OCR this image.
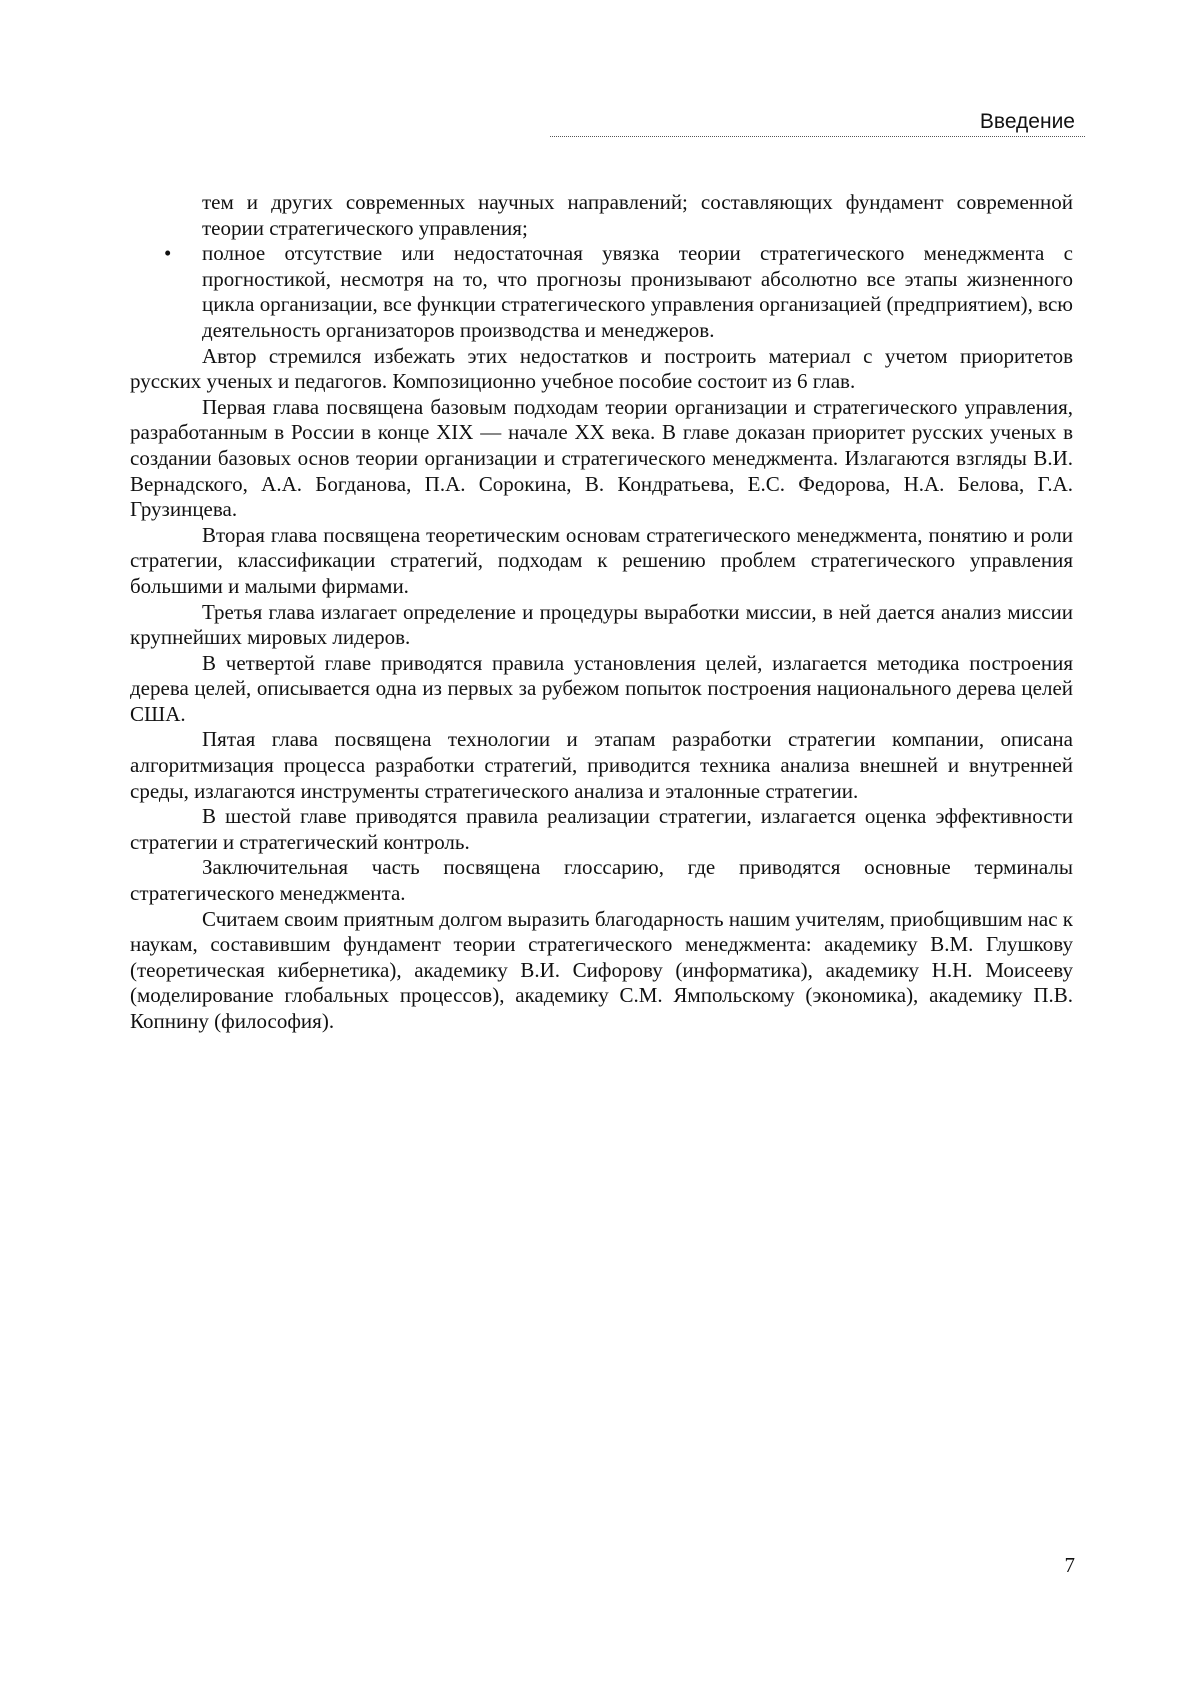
Введение

тем и других современных научных направлений; составляющих фундамент современной теории стратегического управления;

• полное отсутствие или недостаточная увязка теории стратегического менеджмента с прогностикой, несмотря на то, что прогнозы пронизывают абсолютно все этапы жизненного цикла организации, все функции стратегического управления организацией (предприятием), всю деятельность организаторов производства и менеджеров.

Автор стремился избежать этих недостатков и построить материал с учетом приоритетов русских ученых и педагогов. Композиционно учебное пособие состоит из 6 глав.

Первая глава посвящена базовым подходам теории организации и стратегического управления, разработанным в России в конце XIX — начале XX века. В главе доказан приоритет русских ученых в создании базовых основ теории организации и стратегического менеджмента. Излагаются взгляды В.И. Вернадского, А.А. Богданова, П.А. Сорокина, В. Кондратьева, Е.С. Федорова, Н.А. Белова, Г.А. Грузинцева.

Вторая глава посвящена теоретическим основам стратегического менеджмента, понятию и роли стратегии, классификации стратегий, подходам к решению проблем стратегического управления большими и малыми фирмами.

Третья глава излагает определение и процедуры выработки миссии, в ней дается анализ миссии крупнейших мировых лидеров.

В четвертой главе приводятся правила установления целей, излагается методика построения дерева целей, описывается одна из первых за рубежом попыток построения национального дерева целей США.

Пятая глава посвящена технологии и этапам разработки стратегии компании, описана алгоритмизация процесса разработки стратегий, приводится техника анализа внешней и внутренней среды, излагаются инструменты стратегического анализа и эталонные стратегии.

В шестой главе приводятся правила реализации стратегии, излагается оценка эффективности стратегии и стратегический контроль.

Заключительная часть посвящена глоссарию, где приводятся основные терминалы стратегического менеджмента.

Считаем своим приятным долгом выразить благодарность нашим учителям, приобщившим нас к наукам, составившим фундамент теории стратегического менеджмента: академику В.М. Глушкову (теоретическая кибернетика), академику В.И. Сифорову (информатика), академику Н.Н. Моисееву (моделирование глобальных процессов), академику С.М. Ямпольскому (экономика), академику П.В. Копнину (философия).

7
